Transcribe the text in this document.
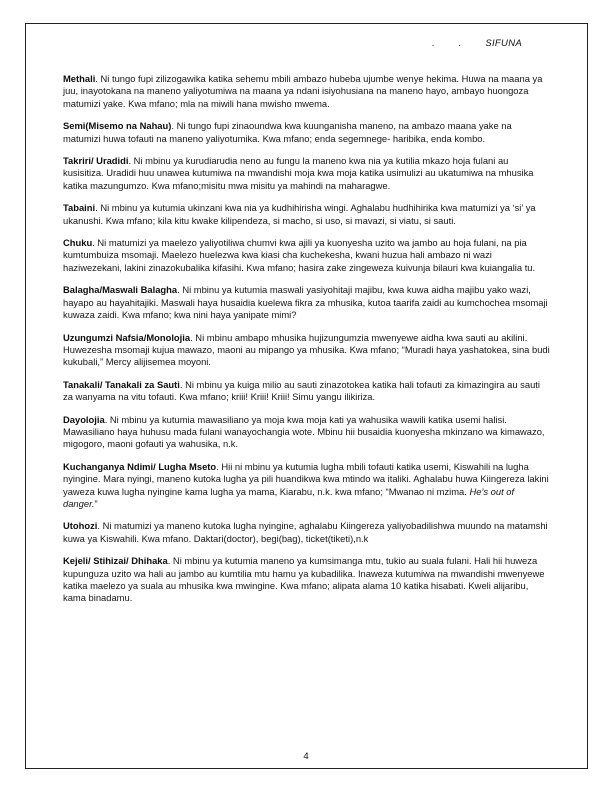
.	.	SIFUNA

Methali. Ni tungo fupi zilizogawika katika sehemu mbili ambazo hubeba ujumbe wenye hekima. Huwa na maana ya juu, inayotokana na maneno yaliyotumiwa na maana ya ndani isiyohusiana na maneno hayo, ambayo huongoza matumizi yake. Kwa mfano; mla na miwili hana mwisho mwema.

Semi(Misemo na Nahau). Ni tungo fupi zinaoundwa kwa kuunganisha maneno, na ambazo maana yake na matumizi huwa tofauti na maneno yaliyotumika. Kwa mfano; enda segemnege- haribika, enda kombo.

Takriri/ Uradidi. Ni mbinu ya kurudiarudia neno au fungu la maneno kwa nia ya kutilia mkazo hoja fulani au kusisitiza. Uradidi huu unawea kutumiwa na mwandishi moja kwa moja katika usimulizi au ukatumiwa na mhusika katika mazungumzo. Kwa mfano;misitu mwa misitu ya mahindi na maharagwe.

Tabaini. Ni mbinu ya kutumia ukinzani kwa nia ya kudhihirisha wingi. Aghalabu hudhihirika kwa matumizi ya ‘si’ ya ukanushi. Kwa mfano; kila kitu kwake kilipendeza, si macho, si uso, si mavazi, si viatu, si sauti.

Chuku. Ni matumizi ya maelezo yaliyotiliwa chumvi kwa ajili ya kuonyesha uzito wa jambo au hoja fulani, na pia kumtumbuiza msomaji. Maelezo huelezwa kwa kiasi cha kuchekesha, kwani huzua hali ambazo ni wazi haziwezekani, lakini zinazokubalika kifasihi. Kwa mfano; hasira zake zingeweza kuivunja bilauri kwa kuiangalia tu.

Balagha/Maswali Balagha. Ni mbinu ya kutumia maswali yasiyohitaji majibu, kwa kuwa aidha majibu yako wazi, hayapo au hayahitajiki. Maswali haya husaidia kuelewa fikra za mhusika, kutoa taarifa zaidi au kumchochea msomaji kuwaza zaidi. Kwa mfano; kwa nini haya yanipate mimi?

Uzungumzi Nafsia/Monolojia. Ni mbinu ambapo mhusika hujizungumzia mwenyewe aidha kwa sauti au akilini. Huwezesha msomaji kujua mawazo, maoni au mipango ya mhusika. Kwa mfano; “Muradi haya yashatokea, sina budi kukubali,” Mercy alijisemea moyoni.

Tanakali/ Tanakali za Sauti. Ni mbinu ya kuiga milio au sauti zinazotokea katika hali tofauti za kimazingira au sauti za wanyama na vitu tofauti. Kwa mfano; kriii! Kriii! Kriii! Simu yangu ilikiriza.

Dayolojia. Ni mbinu ya kutumia mawasiliano ya moja kwa moja kati ya wahusika wawili katika usemi halisi. Mawasiliano haya huhusu mada fulani wanayochangia wote. Mbinu hii busaidia kuonyesha mkinzano wa kimawazo, migogoro, maoni gofauti ya wahusika, n.k.

Kuchanganya Ndimi/ Lugha Mseto. Hii ni mbinu ya kutumia lugha mbili tofauti katika usemi, Kiswahili na lugha nyingine. Mara nyingi, maneno kutoka lugha ya pili huandikwa kwa mtindo wa italiki. Aghalabu huwa Kiingereza lakini yaweza kuwa lugha nyingine kama lugha ya mama, Kiarabu, n.k. kwa mfano; “Mwanao ni mzima. He’s out of danger.”

Utohozi. Ni matumizi ya maneno kutoka lugha nyingine, aghalabu Kiingereza yaliyobadilishwa muundo na matamshi kuwa ya Kiswahili. Kwa mfano. Daktari(doctor), begi(bag), ticket(tiketi),n.k

Kejeli/ Stihizai/ Dhihaka. Ni mbinu ya kutumia maneno ya kumsimanga mtu, tukio au suala fulani. Hali hii huweza kupunguza uzito wa hali au jambo au kumtilia mtu hamu ya kubadilika. Inaweza kutumiwa na mwandishi mwenyewe katika maelezo ya suala au mhusika kwa mwingine. Kwa mfano; alipata alama 10 katika hisabati. Kweli alijaribu, kama binadamu.

4
